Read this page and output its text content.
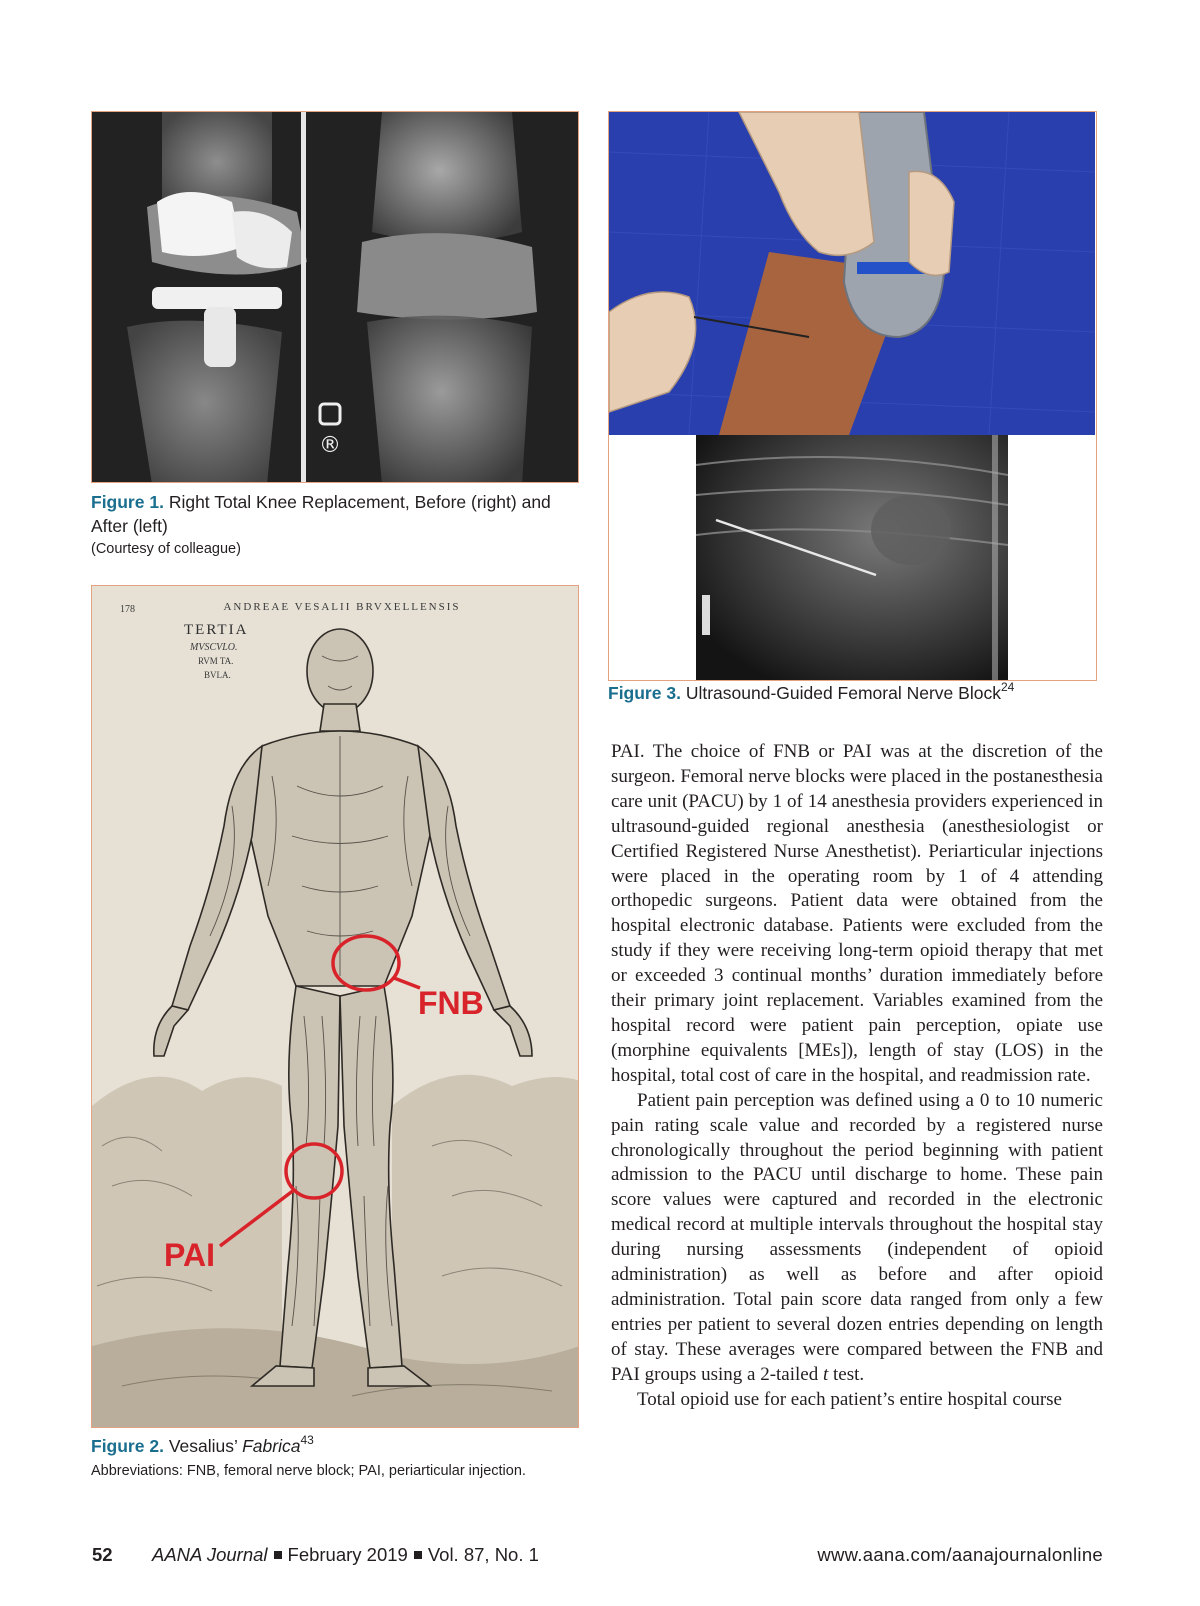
®
Figure 1. Right Total Knee Replacement, Before (right) and After (left)
(Courtesy of colleague)
178	ANDREAE VESALII BRVXELLENSIS
TERTIA
MVSCVLO.
RVM TA.
BVLA.
FNB
PAI
Figure 2. Vesalius’ Fabrica$^{43}$
Abbreviations: FNB, femoral nerve block; PAI, periarticular injection.
Figure 3. Ultrasound-Guided Femoral Nerve Block$^{24}$

PAI. The choice of FNB or PAI was at the discretion of the surgeon. Femoral nerve blocks were placed in the postanesthesia care unit (PACU) by 1 of 14 anesthesia providers experienced in ultrasound-guided regional anesthesia (anesthesiologist or Certified Registered Nurse Anesthetist). Periarticular injections were placed in the operating room by 1 of 4 attending orthopedic surgeons. Patient data were obtained from the hospital electronic database. Patients were excluded from the study if they were receiving long-term opioid therapy that met or exceeded 3 continual months’ duration immediately before their primary joint replacement. Variables examined from the hospital record were patient pain perception, opiate use (morphine equivalents [MEs]), length of stay (LOS) in the hospital, total cost of care in the hospital, and readmission rate.

Patient pain perception was defined using a 0 to 10 numeric pain rating scale value and recorded by a registered nurse chronologically throughout the period beginning with patient admission to the PACU until discharge to home. These pain score values were captured and recorded in the electronic medical record at multiple intervals throughout the hospital stay during nursing assessments (independent of opioid administration) as well as before and after opioid administration. Total pain score data ranged from only a few entries per patient to several dozen entries depending on length of stay. These averages were compared between the FNB and PAI groups using a 2-tailed t test.

Total opioid use for each patient’s entire hospital course

52 AANA Journal February 2019 Vol. 87, No. 1	www.aana.com/aanajournalonline
